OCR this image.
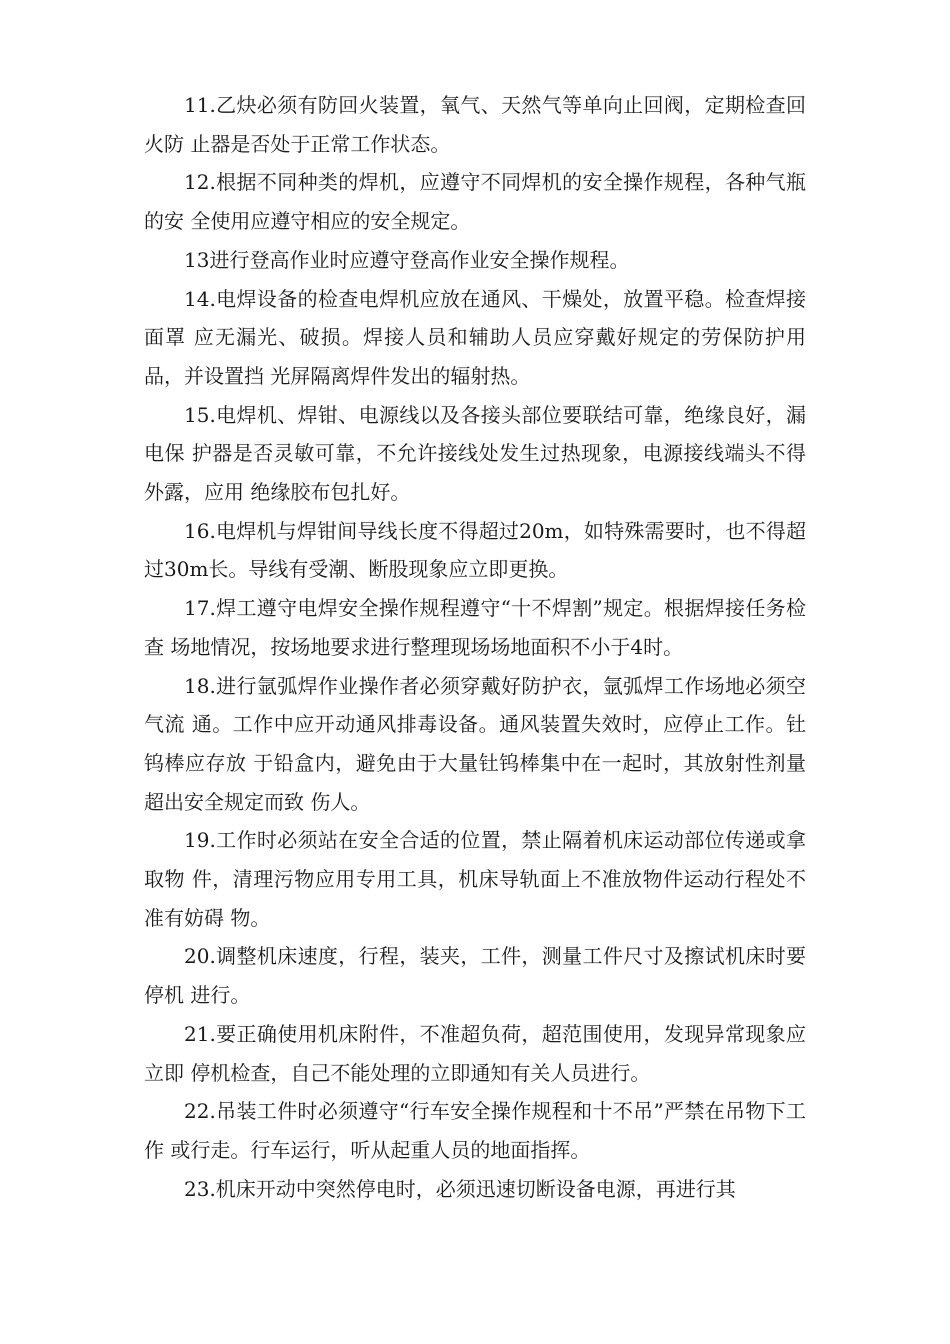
11.乙炔必须有防回火装置，氧气、天然气等单向止回阀，定期检查回火防 止器是否处于正常工作状态。

12.根据不同种类的焊机，应遵守不同焊机的安全操作规程，各种气瓶的安 全使用应遵守相应的安全规定。

13进行登高作业时应遵守登高作业安全操作规程。

14.电焊设备的检查电焊机应放在通风、干燥处，放置平稳。检查焊接面罩 应无漏光、破损。焊接人员和辅助人员应穿戴好规定的劳保防护用品，并设置挡 光屏隔离焊件发出的辐射热。

15.电焊机、焊钳、电源线以及各接头部位要联结可靠，绝缘良好，漏电保 护器是否灵敏可靠，不允许接线处发生过热现象，电源接线端头不得外露，应用 绝缘胶布包扎好。

16.电焊机与焊钳间导线长度不得超过20m，如特殊需要时，也不得超过30m长。导线有受潮、断股现象应立即更换。

17.焊工遵守电焊安全操作规程遵守“十不焊割”规定。根据焊接任务检查 场地情况，按场地要求进行整理现场场地面积不小于4时。

18.进行氩弧焊作业操作者必须穿戴好防护衣，氩弧焊工作场地必须空气流 通。工作中应开动通风排毒设备。通风装置失效时，应停止工作。钍钨棒应存放 于铅盒内，避免由于大量钍钨棒集中在一起时，其放射性剂量超出安全规定而致 伤人。

19.工作时必须站在安全合适的位置，禁止隔着机床运动部位传递或拿取物 件，清理污物应用专用工具，机床导轨面上不准放物件运动行程处不准有妨碍 物。

20.调整机床速度，行程，装夹，工件，测量工件尺寸及擦试机床时要停机 进行。

21.要正确使用机床附件，不准超负荷，超范围使用，发现异常现象应立即 停机检查，自己不能处理的立即通知有关人员进行。

22.吊装工件时必须遵守“行车安全操作规程和十不吊”严禁在吊物下工作 或行走。行车运行，听从起重人员的地面指挥。

23.机床开动中突然停电时，必须迅速切断设备电源，再进行其
